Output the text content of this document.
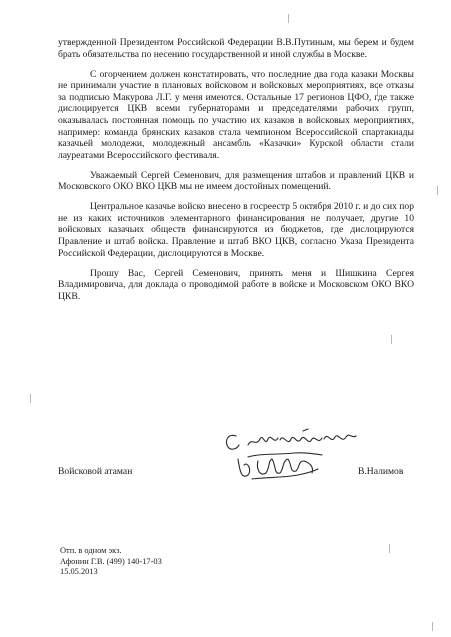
утвержденной Президентом Российской Федерации В.В.Путиным, мы берем и будем брать обязательства по несению государственной и иной службы в Москве.

С огорчением должен констатировать, что последние два года казаки Москвы не принимали участие в плановых войсковом и войсковых мероприятиях, все отказы за подписью Макурова Л.Г. у меня имеются. Остальные 17 регионов ЦФО, где также дислоцируется ЦКВ всеми губернаторами и председателями рабочих групп, оказывалась постоянная помощь по участию их казаков в войсковых мероприятиях, например: команда брянских казаков стала чемпионом Всероссийской спартакиады казачьей молодежи, молодежный ансамбль «Казачки» Курской области стали лауреатами Всероссийского фестиваля.

Уважаемый Сергей Семенович, для размещения штабов и правлений ЦКВ и Московского ОКО ВКО ЦКВ мы не имеем достойных помещений.

Центральное казачье войско внесено в госреестр 5 октября 2010 г. и до сих пор не из каких источников элементарного финансирования не получает, другие 10 войсковых казачьих обществ финансируются из бюджетов, где дислоцируются Правление и штаб войска. Правление и штаб ВКО ЦКВ, согласно Указа Президента Российской Федерации, дислоцируются в Москве.

Прошу Вас, Сергей Семенович, принять меня и Шишкина Сергея Владимировича, для доклада о проводимой работе в войске и Московском ОКО ВКО ЦКВ.

Войсковой атаман	В.Налимов
Отп. в одном экз.
Афонин Г.В. (499) 140-17-03
15.05.2013
